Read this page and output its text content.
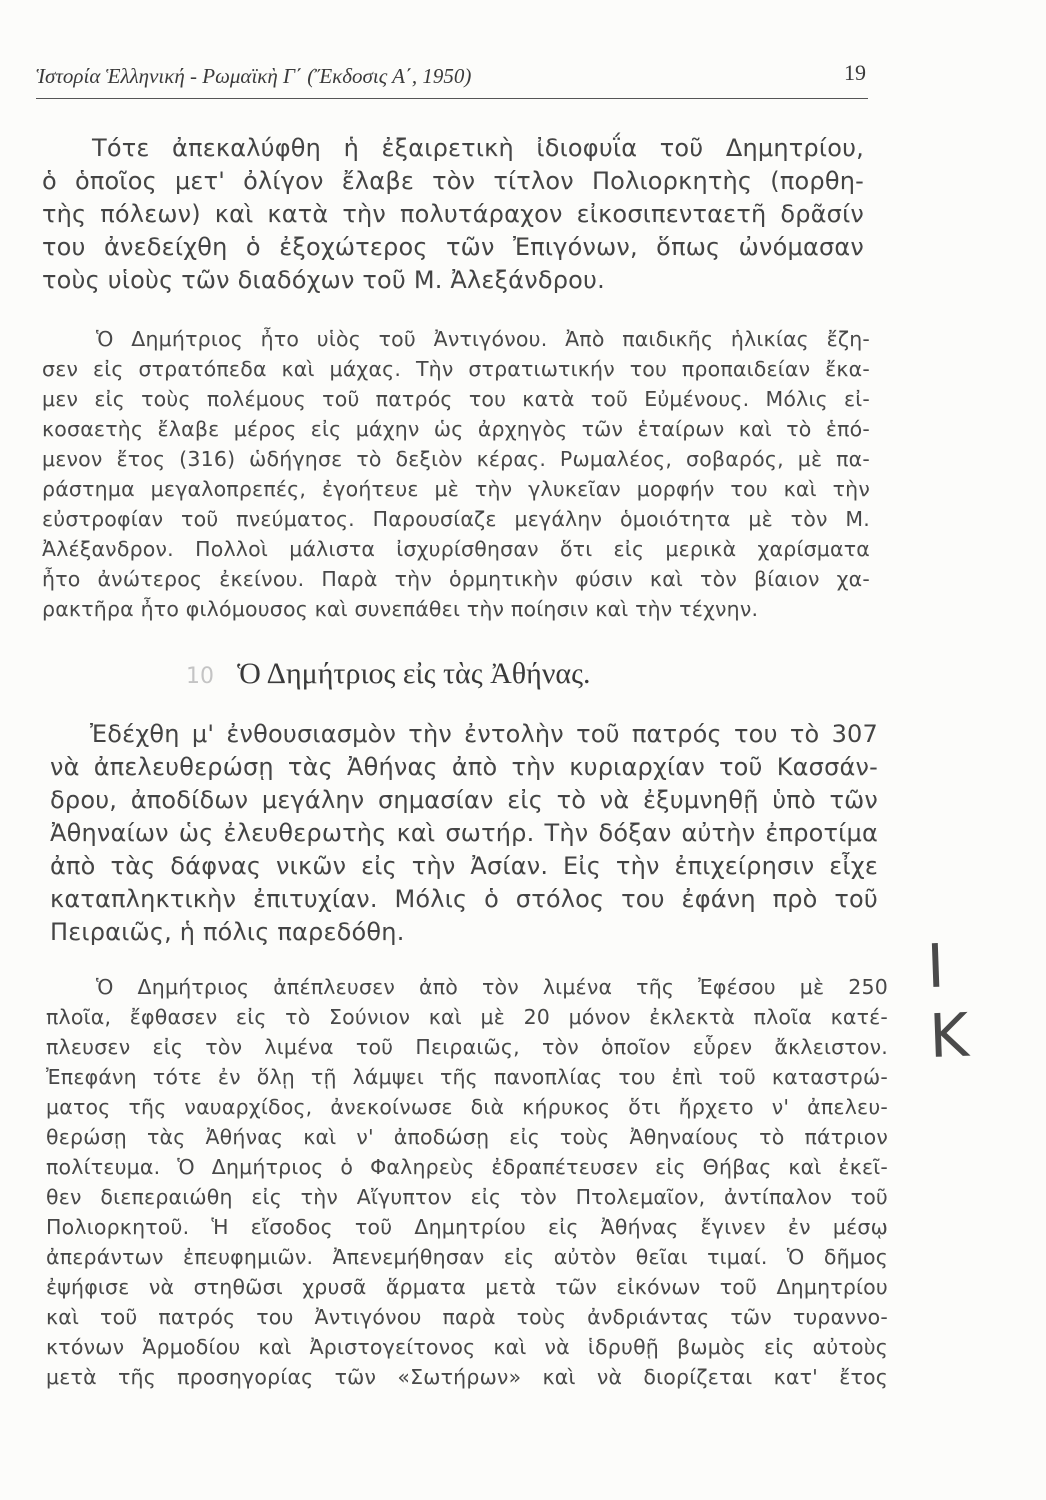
Ἱστορία Ἑλληνική - Ρωμαϊκὴ Γ΄ (Ἔκδοσις Α΄, 1950)	19
Τότε ἀπεκαλύφθη ἡ ἐξαιρετικὴ ἰδιοφυΐα τοῦ Δημητρίου,
ὁ ὁποῖος μετ' ὀλίγον ἔλαβε τὸν τίτλον Πολιορκητὴς (πορθη-
τὴς πόλεων) καὶ κατὰ τὴν πολυτάραχον εἰκοσιπενταετῆ δρᾶσίν
του ἀνεδείχθη ὁ ἐξοχώτερος τῶν Ἐπιγόνων, ὅπως ὠνόμασαν
τοὺς υἱοὺς τῶν διαδόχων τοῦ Μ. Ἀλεξάνδρου.
Ὁ Δημήτριος ἦτο υἱὸς τοῦ Ἀντιγόνου. Ἀπὸ παιδικῆς ἡλικίας ἔζη-
σεν εἰς στρατόπεδα καὶ μάχας. Τὴν στρατιωτικήν του προπαιδείαν ἔκα-
μεν εἰς τοὺς πολέμους τοῦ πατρός του κατὰ τοῦ Εὐμένους. Μόλις εἰ-
κοσαετὴς ἔλαβε μέρος εἰς μάχην ὡς ἀρχηγὸς τῶν ἑταίρων καὶ τὸ ἑπό-
μενον ἔτος (316) ὡδήγησε τὸ δεξιὸν κέρας. Ρωμαλέος, σοβαρός, μὲ πα-
ράστημα μεγαλοπρεπές, ἐγοήτευε μὲ τὴν γλυκεῖαν μορφήν του καὶ τὴν
εὐστροφίαν τοῦ πνεύματος. Παρουσίαζε μεγάλην ὁμοιότητα μὲ τὸν Μ.
Ἀλέξανδρον. Πολλοὶ μάλιστα ἰσχυρίσθησαν ὅτι εἰς μερικὰ χαρίσματα
ἦτο ἀνώτερος ἐκείνου. Παρὰ τὴν ὁρμητικὴν φύσιν καὶ τὸν βίαιον χα-
ρακτῆρα ἦτο φιλόμουσος καὶ συνεπάθει τὴν ποίησιν καὶ τὴν τέχνην.
10 Ὁ Δημήτριος εἰς τὰς Ἀθήνας.
Ἐδέχθη μ' ἐνθουσιασμὸν τὴν ἐντολὴν τοῦ πατρός του τὸ 307
νὰ ἀπελευθερώσῃ τὰς Ἀθήνας ἀπὸ τὴν κυριαρχίαν τοῦ Κασσάν-
δρου, ἀποδίδων μεγάλην σημασίαν εἰς τὸ νὰ ἐξυμνηθῇ ὑπὸ τῶν
Ἀθηναίων ὡς ἐλευθερωτὴς καὶ σωτήρ. Τὴν δόξαν αὐτὴν ἐπροτίμα
ἀπὸ τὰς δάφνας νικῶν εἰς τὴν Ἀσίαν. Εἰς τὴν ἐπιχείρησιν εἶχε
καταπληκτικὴν ἐπιτυχίαν. Μόλις ὁ στόλος του ἐφάνη πρὸ τοῦ
Πειραιῶς, ἡ πόλις παρεδόθη.
Ὁ Δημήτριος ἀπέπλευσεν ἀπὸ τὸν λιμένα τῆς Ἐφέσου μὲ 250
πλοῖα, ἔφθασεν εἰς τὸ Σούνιον καὶ μὲ 20 μόνον ἐκλεκτὰ πλοῖα κατέ-
πλευσεν εἰς τὸν λιμένα τοῦ Πειραιῶς, τὸν ὁποῖον εὗρεν ἄκλειστον.
Ἐπεφάνη τότε ἐν ὅλῃ τῇ λάμψει τῆς πανοπλίας του ἐπὶ τοῦ καταστρώ-
ματος τῆς ναυαρχίδος, ἀνεκοίνωσε διὰ κήρυκος ὅτι ἤρχετο ν' ἀπελευ-
θερώσῃ τὰς Ἀθήνας καὶ ν' ἀποδώσῃ εἰς τοὺς Ἀθηναίους τὸ πάτριον
πολίτευμα. Ὁ Δημήτριος ὁ Φαληρεὺς ἐδραπέτευσεν εἰς Θήβας καὶ ἐκεῖ-
θεν διεπεραιώθη εἰς τὴν Αἴγυπτον εἰς τὸν Πτολεμαῖον, ἀντίπαλον τοῦ
Πολιορκητοῦ. Ἡ εἴσοδος τοῦ Δημητρίου εἰς Ἀθήνας ἔγινεν ἐν μέσῳ
ἀπεράντων ἐπευφημιῶν. Ἀπενεμήθησαν εἰς αὐτὸν θεῖαι τιμαί. Ὁ δῆμος
ἐψήφισε νὰ στηθῶσι χρυσᾶ ἅρματα μετὰ τῶν εἰκόνων τοῦ Δημητρίου
καὶ τοῦ πατρός του Ἀντιγόνου παρὰ τοὺς ἀνδριάντας τῶν τυραννο-
κτόνων Ἁρμοδίου καὶ Ἀριστογείτονος καὶ νὰ ἱδρυθῇ βωμὸς εἰς αὐτοὺς
μετὰ τῆς προσηγορίας τῶν «Σωτήρων» καὶ νὰ διορίζεται κατ' ἔτος
I K
